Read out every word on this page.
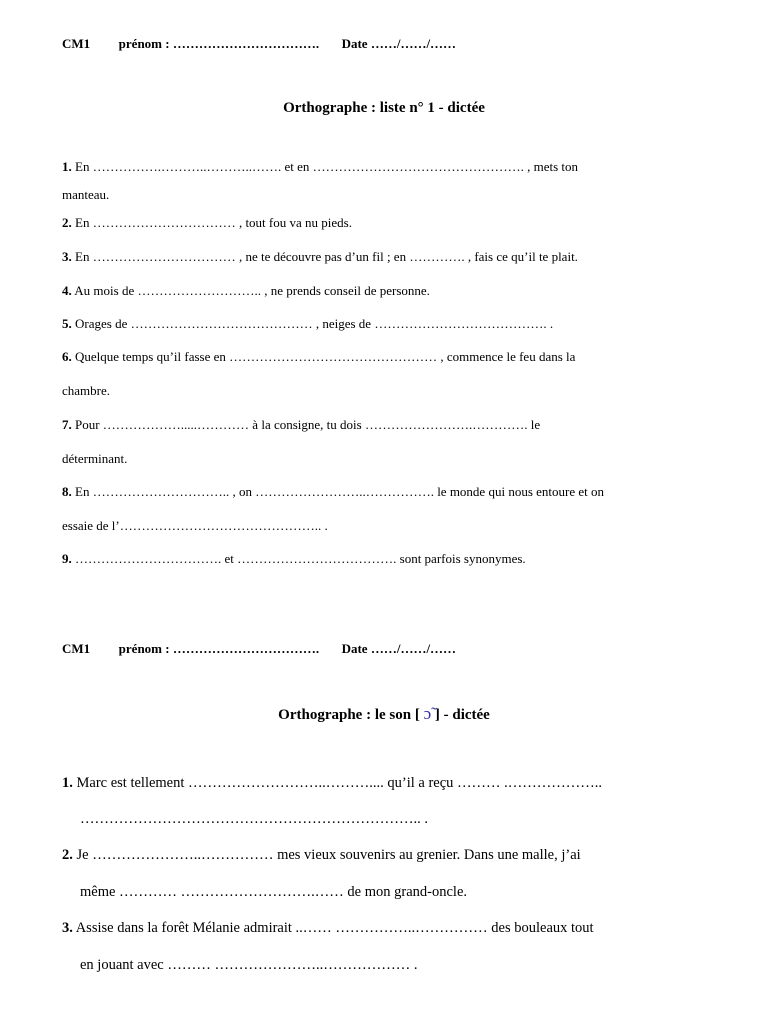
CM1 prénom : ……………………………. Date ……/……/……
Orthographe : liste n° 1 - dictée
1. En …………….………..………..……. et en …………………………………………. , mets ton
manteau.
2. En …………………………… , tout fou va nu pieds.
3. En …………………………… , ne te découvre pas d’un fil ; en …………. , fais ce qu’il te plait.
4. Au mois de ……………………….. , ne prends conseil de personne.
5. Orages de …………………………………… , neiges de …………………………………. .
6. Quelque temps qu’il fasse en ………………………………………… , commence le feu dans la
chambre.
7. Pour ……………….....………… à la consigne, tu dois …………………….…………. le
déterminant.
8. En ………………………….. , on ……………………..……………. le monde qui nous entoure et on
essaie de l’……………………………………….. .
9. ……………………………. et ………………………………. sont parfois synonymes.
CM1 prénom : ……………………………. Date ……/……/……
Orthographe : le son [ ɔ̃ ] - dictée
1. Marc est tellement ………………………..……….... qu’il a reçu ……… .………………..
…………………………………………………………….. .
2. Je …………………..…………… mes vieux souvenirs au grenier. Dans une malle, j’ai
même ………… ……………………….…… de mon grand-oncle.
3. Assise dans la forêt Mélanie admirait ..…… ……………..…………… des bouleaux tout
en jouant avec ……… …………………..……………… .
